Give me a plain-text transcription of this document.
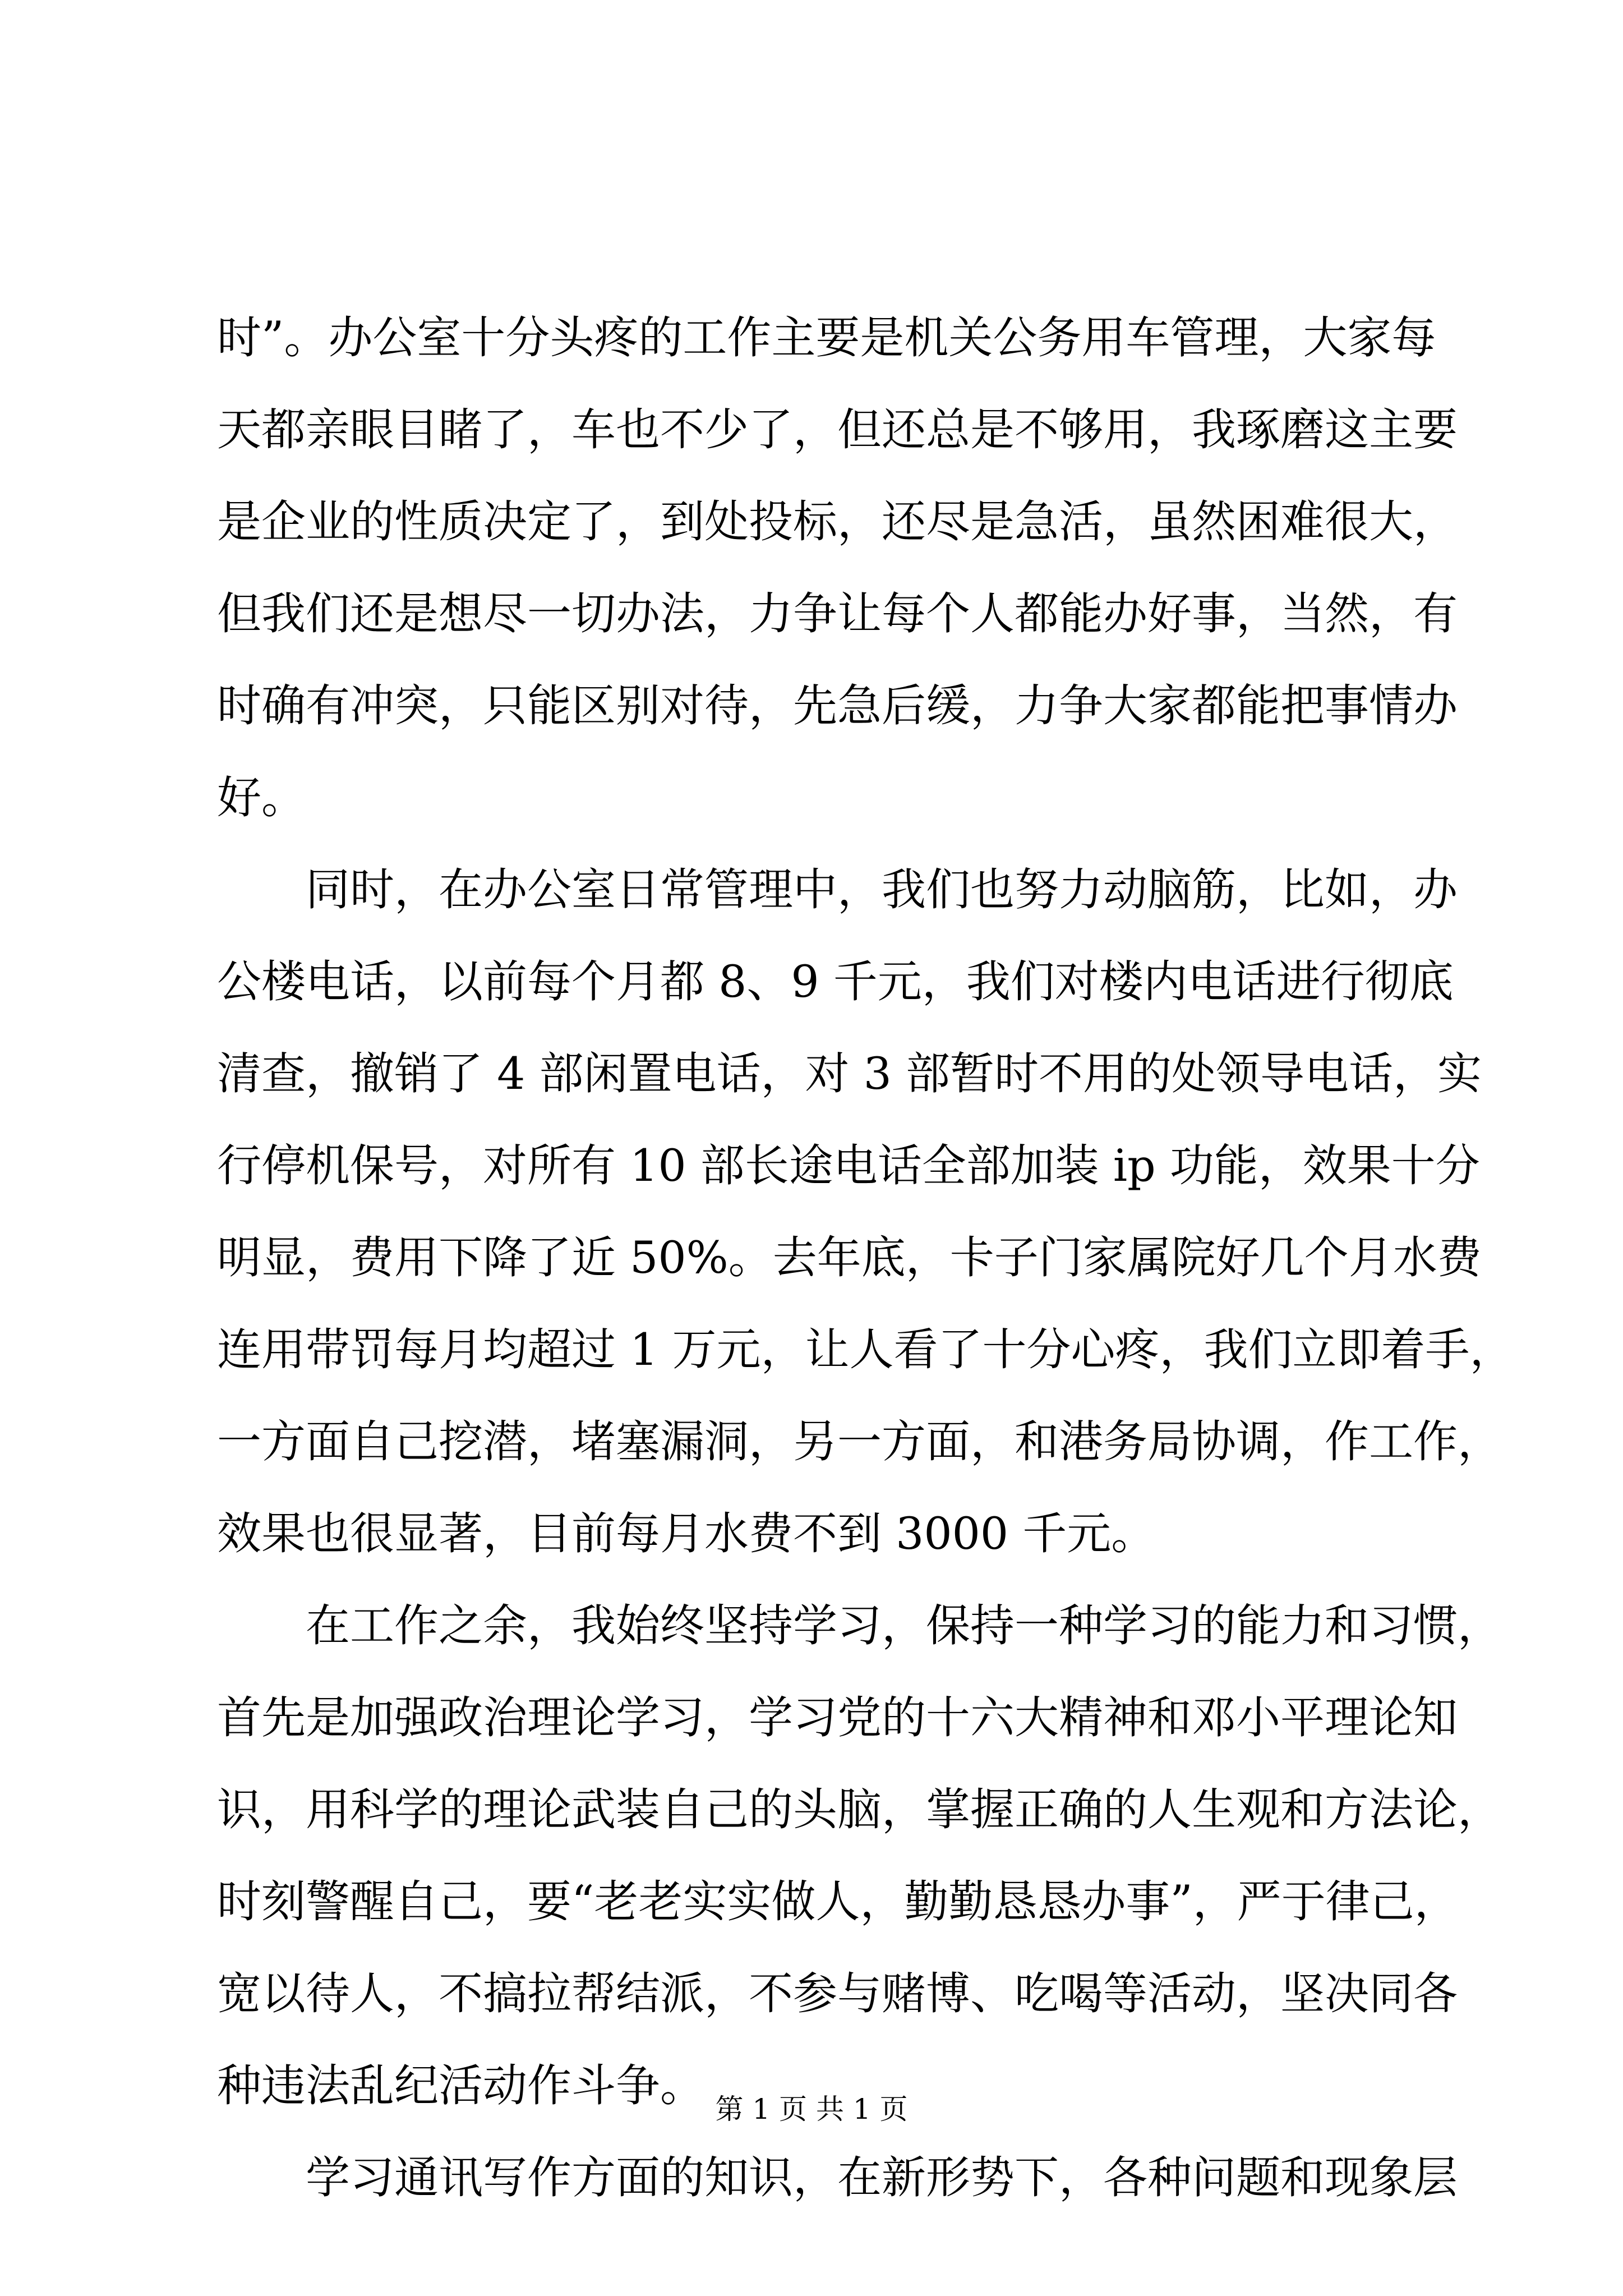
时”。办公室十分头疼的工作主要是机关公务用车管理，大家每
天都亲眼目睹了，车也不少了，但还总是不够用，我琢磨这主要
是企业的性质决定了，到处投标，还尽是急活，虽然困难很大，
但我们还是想尽一切办法，力争让每个人都能办好事，当然，有
时确有冲突，只能区别对待，先急后缓，力争大家都能把事情办
好。
同时，在办公室日常管理中，我们也努力动脑筋，比如，办
公楼电话，以前每个月都 8、9 千元，我们对楼内电话进行彻底
清查，撤销了 4 部闲置电话，对 3 部暂时不用的处领导电话，实
行停机保号，对所有 10 部长途电话全部加装 ip 功能，效果十分
明显，费用下降了近 50%。去年底，卡子门家属院好几个月水费
连用带罚每月均超过 1 万元，让人看了十分心疼，我们立即着手，
一方面自己挖潜，堵塞漏洞，另一方面，和港务局协调，作工作，
效果也很显著，目前每月水费不到 3000 千元。
在工作之余，我始终坚持学习，保持一种学习的能力和习惯，
首先是加强政治理论学习，学习党的十六大精神和邓小平理论知
识，用科学的理论武装自己的头脑，掌握正确的人生观和方法论，
时刻警醒自己，要“老老实实做人，勤勤恳恳办事”，严于律己，
宽以待人，不搞拉帮结派，不参与赌博、吃喝等活动，坚决同各
种违法乱纪活动作斗争。
学习通讯写作方面的知识，在新形势下，各种问题和现象层
第 1 页 共 1 页
